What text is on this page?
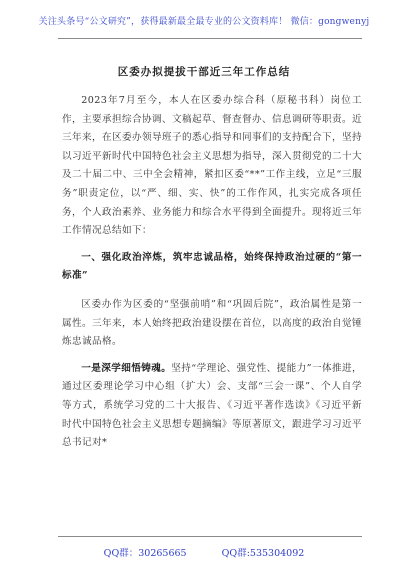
关注头条号“公文研究”，获得最新最全最专业的公文资料库！ 微信：gongwenyj
区委办拟提拔干部近三年工作总结

2023年7月至今，本人在区委办综合科（原秘书科）岗位工作，主要承担综合协调、文稿起草、督查督办、信息调研等职责。近三年来，在区委办领导班子的悉心指导和同事们的支持配合下，坚持以习近平新时代中国特色社会主义思想为指导，深入贯彻党的二十大及二十届二中、三中全会精神，紧扣区委“**”工作主线，立足“三服务”职责定位，以“严、细、实、快”的工作作风，扎实完成各项任务，个人政治素养、业务能力和综合水平得到全面提升。现将近三年工作情况总结如下：

一、强化政治淬炼，筑牢忠诚品格，始终保持政治过硬的“第一标准”

区委办作为区委的“坚强前哨”和“巩固后院”，政治属性是第一属性。三年来，本人始终把政治建设摆在首位，以高度的政治自觉锤炼忠诚品格。

一是深学细悟铸魂。坚持“学理论、强党性、提能力”一体推进，通过区委理论学习中心组（扩大）会、支部“三会一课”、个人自学等方式，系统学习党的二十大报告、《习近平著作选读》《习近平新时代中国特色社会主义思想专题摘编》等原著原文，跟进学习习近平总书记对*

QQ群：30265665	QQ群:535304092
